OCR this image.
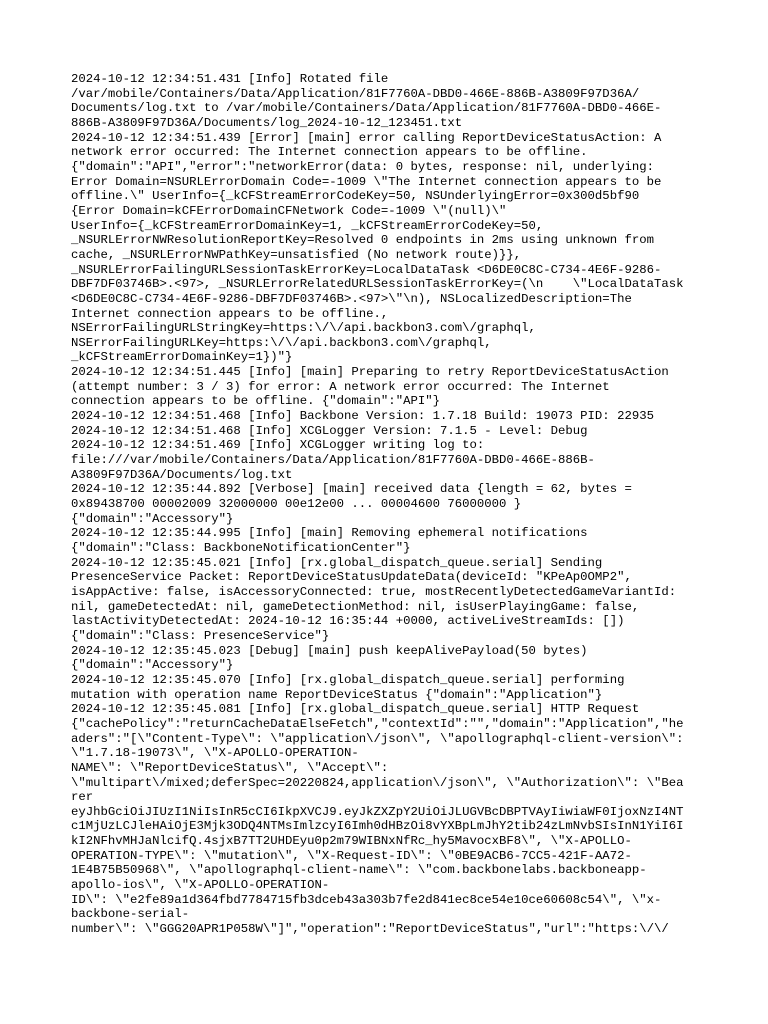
2024-10-12 12:34:51.431 [Info] Rotated file
/var/mobile/Containers/Data/Application/81F7760A-DBD0-466E-886B-A3809F97D36A/
Documents/log.txt to /var/mobile/Containers/Data/Application/81F7760A-DBD0-466E-
886B-A3809F97D36A/Documents/log_2024-10-12_123451.txt
2024-10-12 12:34:51.439 [Error] [main] error calling ReportDeviceStatusAction: A
network error occurred: The Internet connection appears to be offline.
{"domain":"API","error":"networkError(data: 0 bytes, response: nil, underlying:
Error Domain=NSURLErrorDomain Code=-1009 \"The Internet connection appears to be
offline.\" UserInfo={_kCFStreamErrorCodeKey=50, NSUnderlyingError=0x300d5bf90
{Error Domain=kCFErrorDomainCFNetwork Code=-1009 \"(null)\"
UserInfo={_kCFStreamErrorDomainKey=1, _kCFStreamErrorCodeKey=50,
_NSURLErrorNWResolutionReportKey=Resolved 0 endpoints in 2ms using unknown from
cache, _NSURLErrorNWPathKey=unsatisfied (No network route)}},
_NSURLErrorFailingURLSessionTaskErrorKey=LocalDataTask <D6DE0C8C-C734-4E6F-9286-
DBF7DF03746B>.<97>, _NSURLErrorRelatedURLSessionTaskErrorKey=(\n    \"LocalDataTask
<D6DE0C8C-C734-4E6F-9286-DBF7DF03746B>.<97>\"\n), NSLocalizedDescription=The
Internet connection appears to be offline.,
NSErrorFailingURLStringKey=https:\/\/api.backbon3.com\/graphql,
NSErrorFailingURLKey=https:\/\/api.backbon3.com\/graphql,
_kCFStreamErrorDomainKey=1})"}
2024-10-12 12:34:51.445 [Info] [main] Preparing to retry ReportDeviceStatusAction
(attempt number: 3 / 3) for error: A network error occurred: The Internet
connection appears to be offline. {"domain":"API"}
2024-10-12 12:34:51.468 [Info] Backbone Version: 1.7.18 Build: 19073 PID: 22935
2024-10-12 12:34:51.468 [Info] XCGLogger Version: 7.1.5 - Level: Debug
2024-10-12 12:34:51.469 [Info] XCGLogger writing log to:
file:///var/mobile/Containers/Data/Application/81F7760A-DBD0-466E-886B-
A3809F97D36A/Documents/log.txt
2024-10-12 12:35:44.892 [Verbose] [main] received data {length = 62, bytes =
0x89438700 00002009 32000000 00e12e00 ... 00004600 76000000 }
{"domain":"Accessory"}
2024-10-12 12:35:44.995 [Info] [main] Removing ephemeral notifications
{"domain":"Class: BackboneNotificationCenter"}
2024-10-12 12:35:45.021 [Info] [rx.global_dispatch_queue.serial] Sending
PresenceService Packet: ReportDeviceStatusUpdateData(deviceId: "KPeAp0OMP2",
isAppActive: false, isAccessoryConnected: true, mostRecentlyDetectedGameVariantId:
nil, gameDetectedAt: nil, gameDetectionMethod: nil, isUserPlayingGame: false,
lastActivityDetectedAt: 2024-10-12 16:35:44 +0000, activeLiveStreamIds: [])
{"domain":"Class: PresenceService"}
2024-10-12 12:35:45.023 [Debug] [main] push keepAlivePayload(50 bytes)
{"domain":"Accessory"}
2024-10-12 12:35:45.070 [Info] [rx.global_dispatch_queue.serial] performing
mutation with operation name ReportDeviceStatus {"domain":"Application"}
2024-10-12 12:35:45.081 [Info] [rx.global_dispatch_queue.serial] HTTP Request
{"cachePolicy":"returnCacheDataElseFetch","contextId":"","domain":"Application","he
aders":"[\"Content-Type\": \"application\/json\", \"apollographql-client-version\":
\"1.7.18-19073\", \"X-APOLLO-OPERATION-
NAME\": \"ReportDeviceStatus\", \"Accept\":
\"multipart\/mixed;deferSpec=20220824,application\/json\", \"Authorization\": \"Bea
rer
eyJhbGciOiJIUzI1NiIsInR5cCI6IkpXVCJ9.eyJkZXZpY2UiOiJLUGVBcDBPTVAyIiwiaWF0IjoxNzI4NT
c1MjUzLCJleHAiOjE3Mjk3ODQ4NTMsImlzcyI6Imh0dHBzOi8vYXBpLmJhY2tib24zLmNvbSIsInN1YiI6I
kI2NFhvMHJaNlcifQ.4sjxB7TT2UHDEyu0p2m79WIBNxNfRc_hy5MavocxBF8\", \"X-APOLLO-
OPERATION-TYPE\": \"mutation\", \"X-Request-ID\": \"0BE9ACB6-7CC5-421F-AA72-
1E4B75B50968\", \"apollographql-client-name\": \"com.backbonelabs.backboneapp-
apollo-ios\", \"X-APOLLO-OPERATION-
ID\": \"e2fe89a1d364fbd7784715fb3dceb43a303b7fe2d841ec8ce54e10ce60608c54\", \"x-
backbone-serial-
number\": \"GGG20APR1P058W\"]","operation":"ReportDeviceStatus","url":"https:\/\/
